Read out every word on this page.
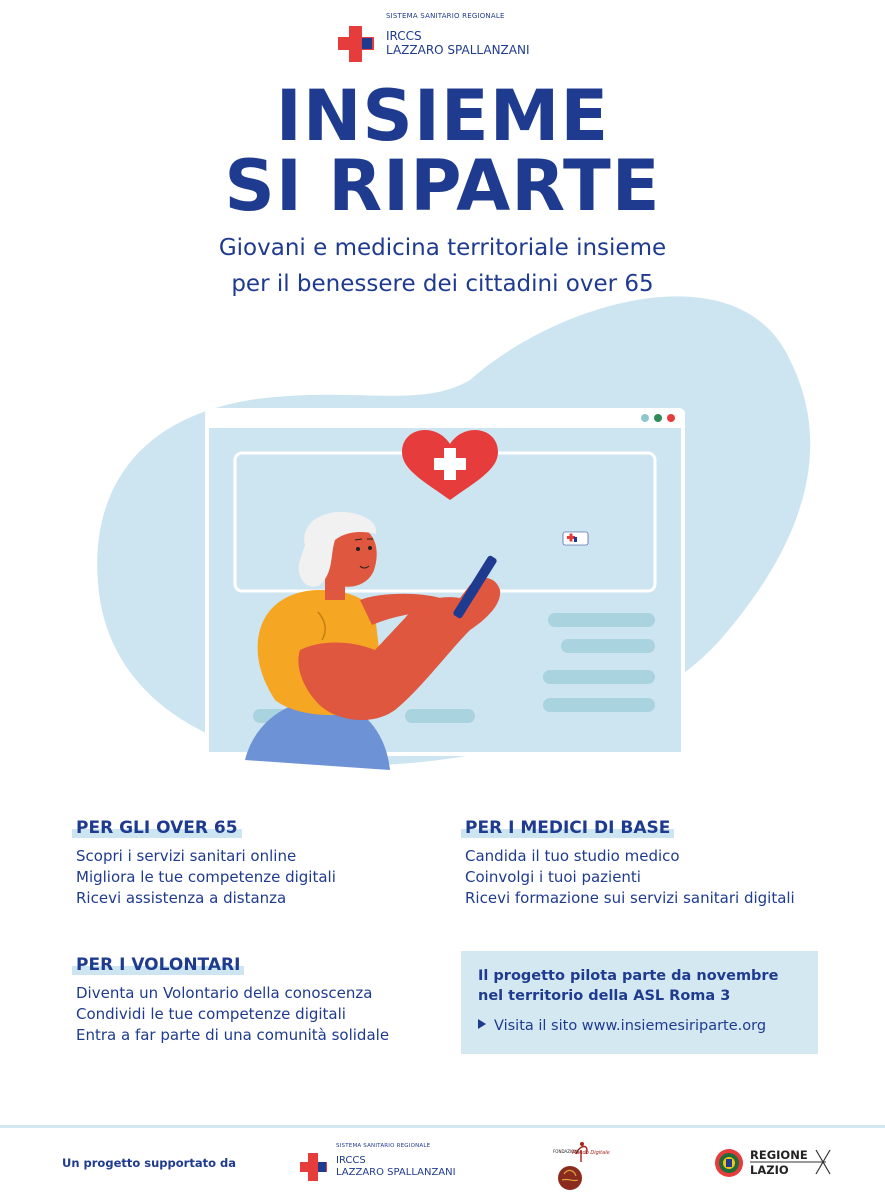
SISTEMA SANITARIO REGIONALE
IRCCS
LAZZARO SPALLANZANI
INSIEME
SI RIPARTE
Giovani e medicina territoriale insieme
per il benessere dei cittadini over 65
PER GLI OVER 65
Scopri i servizi sanitari online
Migliora le tue competenze digitali
Ricevi assistenza a distanza
PER I MEDICI DI BASE
Candida il tuo studio medico
Coinvolgi i tuoi pazienti
Ricevi formazione sui servizi sanitari digitali
PER I VOLONTARI
Diventa un Volontario della conoscenza
Condividi le tue competenze digitali
Entra a far parte di una comunità solidale
Il progetto pilota parte da novembre
nel territorio della ASL Roma 3
Visita il sito www.insiemesiriparte.org
Un progetto supportato da
SISTEMA SANITARIO REGIONALE
IRCCS
LAZZARO SPALLANZANI
FONDAZIONE
Mondo Digitale	REGIONE
LAZIO
